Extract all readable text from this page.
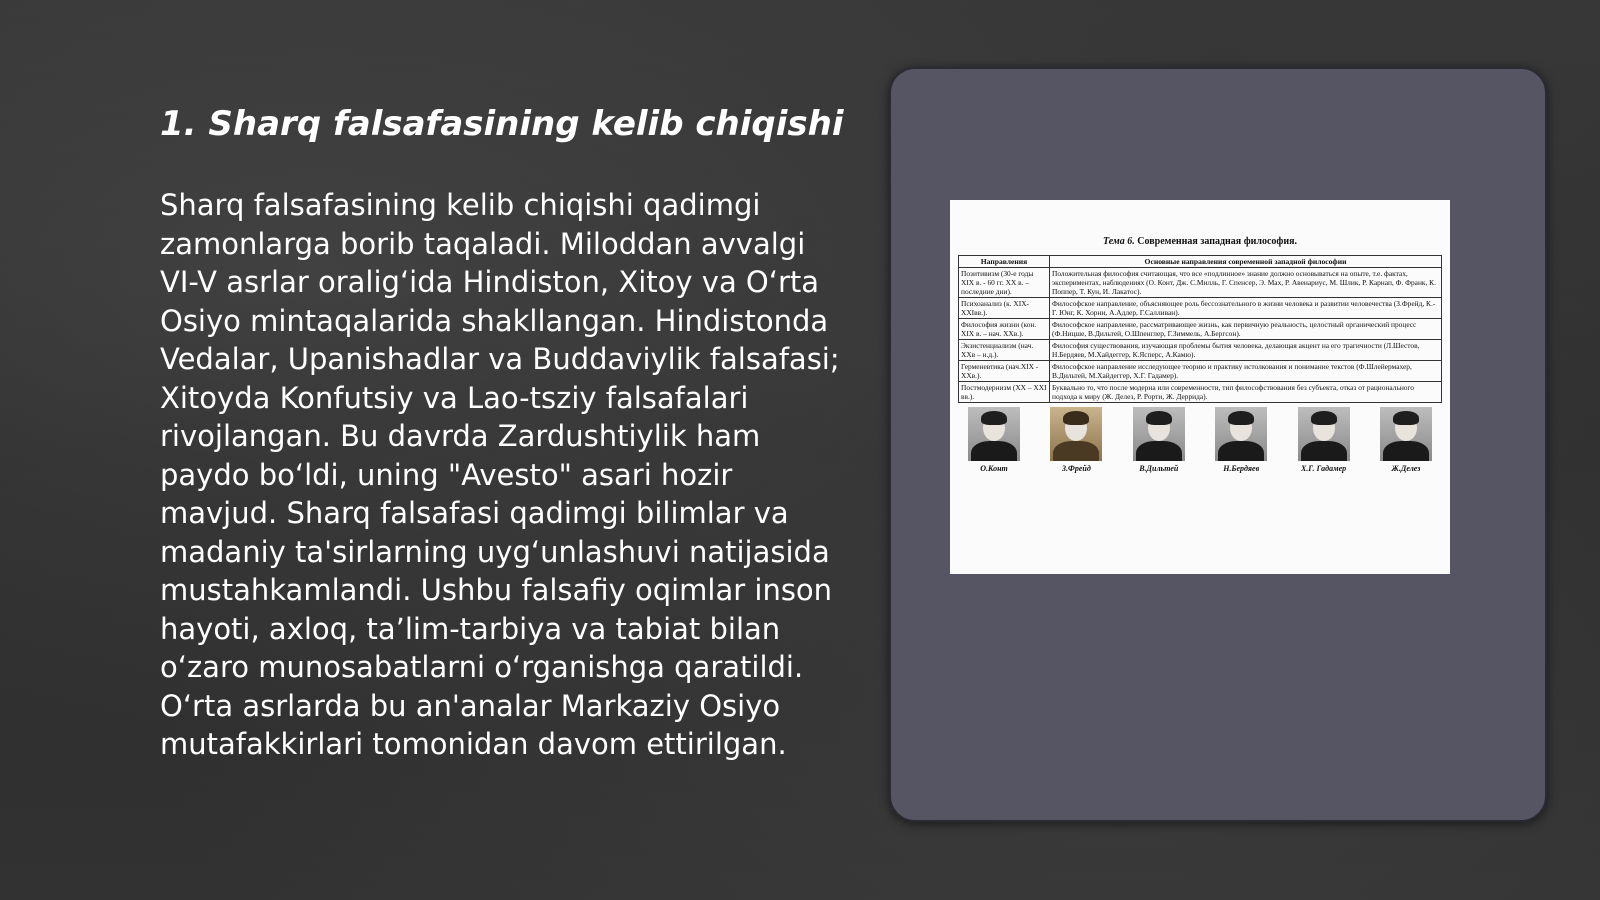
1. Sharq falsafasining kelib chiqishi

Sharq falsafasining kelib chiqishi qadimgi zamonlarga borib taqaladi. Miloddan avvalgi VI-V asrlar oralig‘ida Hindiston, Xitoy va O‘rta Osiyo mintaqalarida shakllangan. Hindistonda Vedalar, Upanishadlar va Buddaviylik falsafasi; Xitoyda Konfutsiy va Lao-tsziy falsafalari rivojlangan. Bu davrda Zardushtiylik ham paydo bo‘ldi, uning "Avesto" asari hozir mavjud. Sharq falsafasi qadimgi bilimlar va madaniy ta'sirlarning uyg‘unlashuvi natijasida mustahkamlandi. Ushbu falsafiy oqimlar inson hayoti, axloq, ta’lim-tarbiya va tabiat bilan o‘zaro munosabatlarni o‘rganishga qaratildi. O‘rta asrlarda bu an'analar Markaziy Osiyo mutafakkirlari tomonidan davom ettirilgan.

Тема 6. Современная западная философия.
Направления	Основные направления современной западной философии
Позитивизм (30-е годы XIX в. - 60 гг. XX в. – последние дни).	Положительная философия считающая, что все «подлинное» знание должно основываться на опыте, т.е. фактах, экспериментах, наблюдениях (О. Конт, Дж. С.Милль, Г. Спенсер, Э. Мах, Р. Авенариус, М. Шлик, Р. Карнап, Ф. Франк, К. Поппер, Т. Кун, И. Лакатос).
Психоанализ (к. XIX-XXIвв.).	Философское направление, объясняющее роль бессознательного в жизни человека и развитии человечества (З.Фрейд, К.-Г. Юнг, К. Хорни, А.Адлер, Г.Салливан).
Философия жизни (кон. XIX в. – нач. XXв.).	Философское направление, рассматривающее жизнь, как первичную реальность, целостный органический процесс (Ф.Ницше, В.Дильтей, О.Шпенглер, Г.Зиммель, А.Бергсон).
Экзистенциализм (нач. XXв – н.д.).	Философия существования, изучающая проблемы бытия человека, делающая акцент на его трагичности (Л.Шестов, Н.Бердяев, М.Хайдеггер, К.Ясперс, А.Камю).
Герменевтика (нач.XIX - XXв.).	Философское направление исследующее теорию и практику истолкования и понимание текстов (Ф.Шлейермахер, В.Дильтей, М.Хайдеггер, Х.Г. Гадамер).
Постмодернизм (XX – XXI вв.).	Буквально то, что после модерна или современности, тип философствования без субъекта, отказ от рационального подхода к миру (Ж. Делез, Р. Рорти, Ж. Деррида).
О.Конт	З.Фрейд	В.Дильтей	Н.Бердяев	Х.Г. Гадамер	Ж.Делез
